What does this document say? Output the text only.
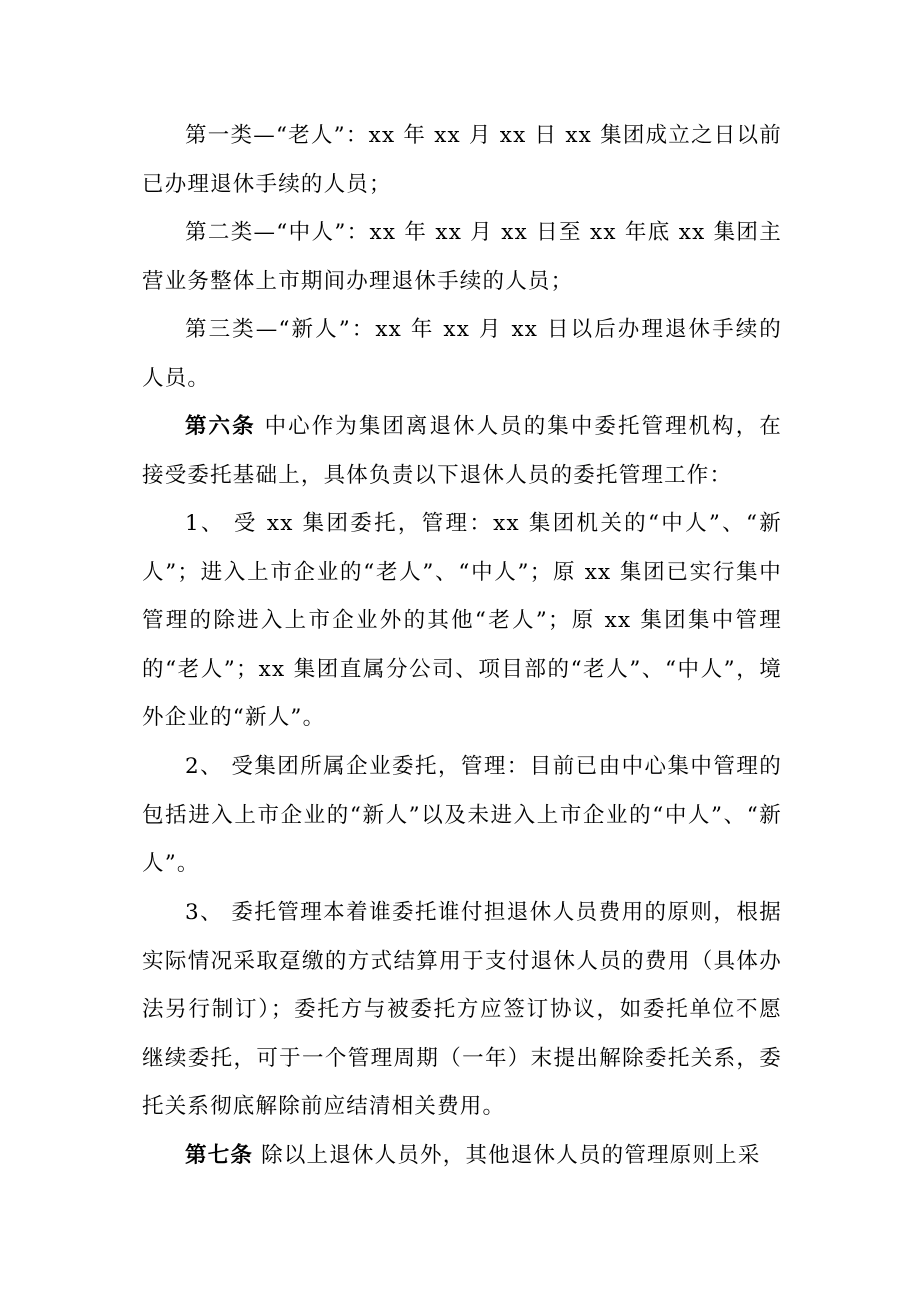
第一类—“老人”：xx 年 xx 月 xx 日 xx 集团成立之日以前已办理退休手续的人员；

第二类—“中人”：xx 年 xx 月 xx 日至 xx 年底 xx 集团主营业务整体上市期间办理退休手续的人员；

第三类—“新人”：xx 年 xx 月 xx 日以后办理退休手续的人员。

第六条 中心作为集团离退休人员的集中委托管理机构，在接受委托基础上，具体负责以下退休人员的委托管理工作：

1、 受 xx 集团委托，管理：xx 集团机关的“中人”、“新人”；进入上市企业的“老人”、“中人”；原 xx 集团已实行集中管理的除进入上市企业外的其他“老人”；原 xx 集团集中管理的“老人”；xx 集团直属分公司、项目部的“老人”、“中人”，境外企业的“新人”。

2、 受集团所属企业委托，管理：目前已由中心集中管理的包括进入上市企业的“新人”以及未进入上市企业的“中人”、“新人”。

3、 委托管理本着谁委托谁付担退休人员费用的原则，根据实际情况采取趸缴的方式结算用于支付退休人员的费用（具体办法另行制订）；委托方与被委托方应签订协议，如委托单位不愿继续委托，可于一个管理周期（一年）末提出解除委托关系，委托关系彻底解除前应结清相关费用。

第七条 除以上退休人员外，其他退休人员的管理原则上采
